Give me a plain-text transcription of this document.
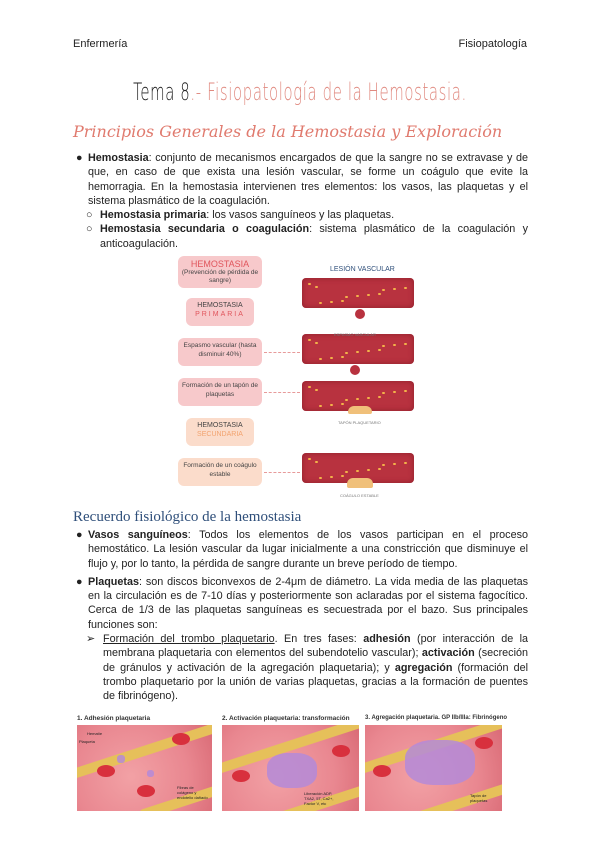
Enfermería	Fisiopatología
Tema 8.- Fisiopatología de la Hemostasia.
Principios Generales de la Hemostasia y Exploración
● Hemostasia: conjunto de mecanismos encargados de que la sangre no se extravase y de que, en caso de que exista una lesión vascular, se forme un coágulo que evite la hemorragia. En la hemostasia intervienen tres elementos: los vasos, las plaquetas y el sistema plasmático de la coagulación.
○ Hemostasia primaria: los vasos sanguíneos y las plaquetas.
○ Hemostasia secundaria o coagulación: sistema plasmático de la coagulación y anticoagulación.
HEMOSTASIA
(Prevención de pérdida de sangre)
HEMOSTASIA
PRIMARIA
Espasmo vascular (hasta disminuir 40%)
Formación de un tapón de plaquetas
HEMOSTASIA
SECUNDARIA
Formación de un coágulo estable
LESIÓN VASCULAR
ESPASMO VASCULAR
TAPÓN PLAQUETARIO
COÁGULO ESTABLE
Recuerdo fisiológico de la hemostasia
● Vasos sanguíneos: Todos los elementos de los vasos participan en el proceso hemostático. La lesión vascular da lugar inicialmente a una constricción que disminuye el flujo y, por lo tanto, la pérdida de sangre durante un breve período de tiempo.
● Plaquetas: son discos biconvexos de 2-4μm de diámetro. La vida media de las plaquetas en la circulación es de 7-10 días y posteriormente son aclaradas por el sistema fagocítico. Cerca de 1/3 de las plaquetas sanguíneas es secuestrada por el bazo. Sus principales funciones son:
➢ Formación del trombo plaquetario. En tres fases: adhesión (por interacción de la membrana plaquetaria con elementos del subendotelio vascular); activación (secreción de gránulos y activación de la agregación plaquetaria); y agregación (formación del trombo plaquetario por la unión de varias plaquetas, gracias a la formación de puentes de fibrinógeno).
1. Adhesión plaquetaria	2. Activación plaquetaria: transformación	3. Agregación plaquetaria. GP IIb/IIIa: Fibrinógeno
Hematíe
Plaqueta
Fibras de colágeno y endotelio dañado
Liberación ADP, TXA2, 5T, Ca2+, Factor V, etc
Tapón de plaquetas
